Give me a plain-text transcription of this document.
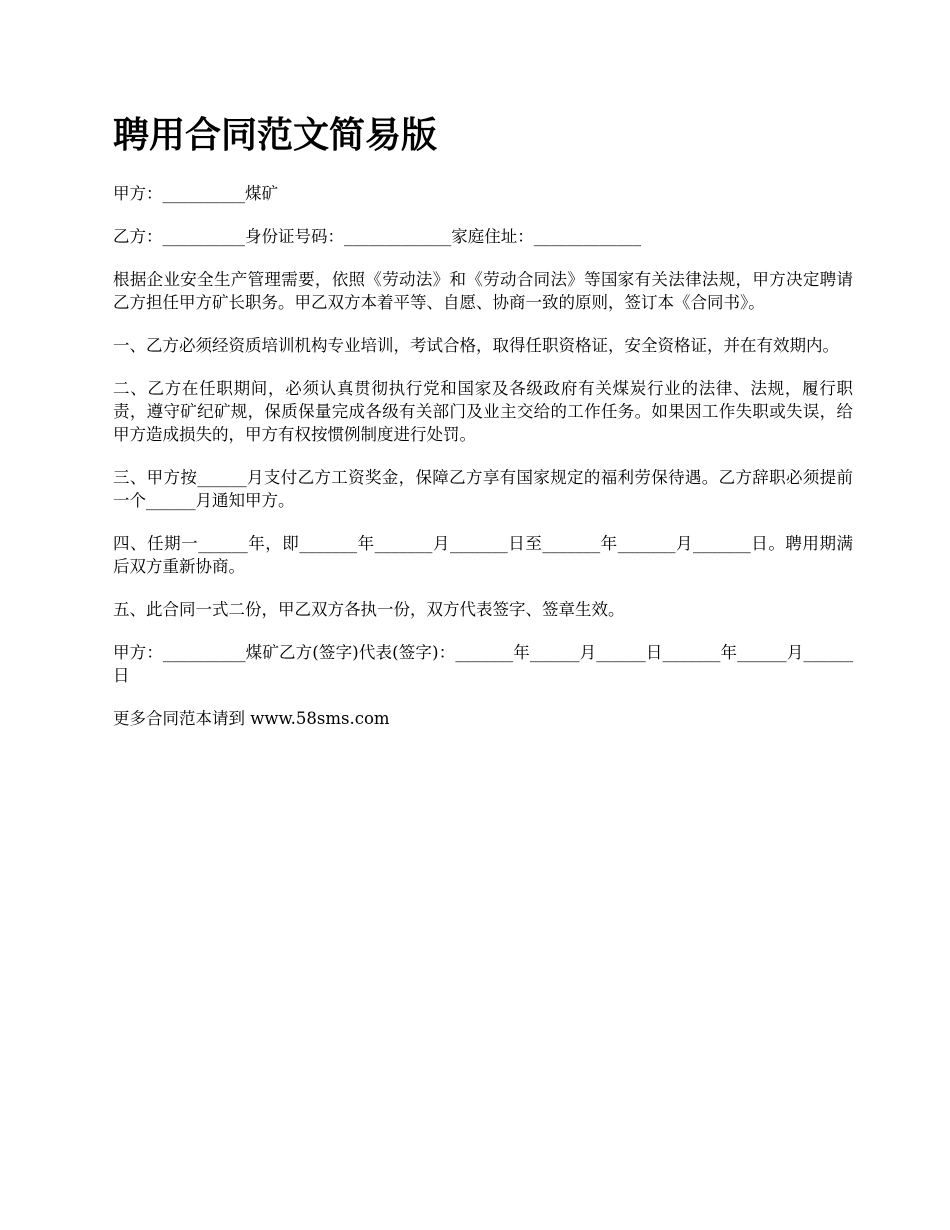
聘用合同范文简易版

甲方：__________煤矿

乙方：__________身份证号码：_____________家庭住址：_____________

根据企业安全生产管理需要，依照《劳动法》和《劳动合同法》等国家有关法律法规，甲方决定聘请乙方担任甲方矿长职务。甲乙双方本着平等、自愿、协商一致的原则，签订本《合同书》。

一、乙方必须经资质培训机构专业培训，考试合格，取得任职资格证，安全资格证，并在有效期内。

二、乙方在任职期间，必须认真贯彻执行党和国家及各级政府有关煤炭行业的法律、法规，履行职责，遵守矿纪矿规，保质保量完成各级有关部门及业主交给的工作任务。如果因工作失职或失误，给甲方造成损失的，甲方有权按惯例制度进行处罚。

三、甲方按______月支付乙方工资奖金，保障乙方享有国家规定的福利劳保待遇。乙方辞职必须提前一个______月通知甲方。

四、任期一______年，即_______年_______月_______日至_______年_______月_______日。聘用期满后双方重新协商。

五、此合同一式二份，甲乙双方各执一份，双方代表签字、签章生效。

甲方：__________煤矿乙方(签字)代表(签字)：_______年______月______日_______年______月______日

更多合同范本请到 www.58sms.com
